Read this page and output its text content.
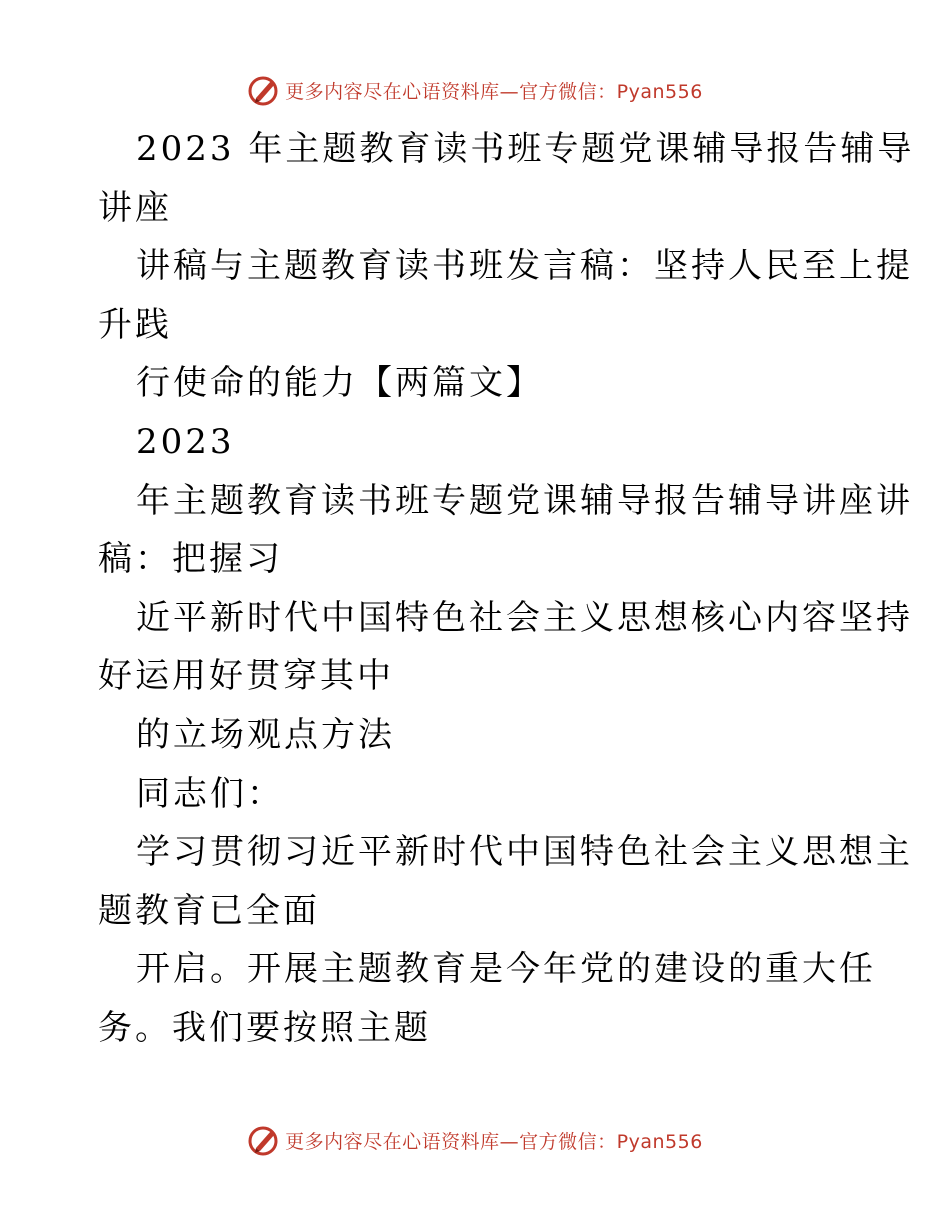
更多内容尽在心语资料库—官方微信：Pyan556
2023 年主题教育读书班专题党课辅导报告辅导
讲座
讲稿与主题教育读书班发言稿：坚持人民至上提
升践
行使命的能力【两篇文】
2023
年主题教育读书班专题党课辅导报告辅导讲座讲
稿：把握习
近平新时代中国特色社会主义思想核心内容坚持
好运用好贯穿其中
的立场观点方法
同志们：
学习贯彻习近平新时代中国特色社会主义思想主
题教育已全面
开启。开展主题教育是今年党的建设的重大任
务。我们要按照主题
更多内容尽在心语资料库—官方微信：Pyan556
